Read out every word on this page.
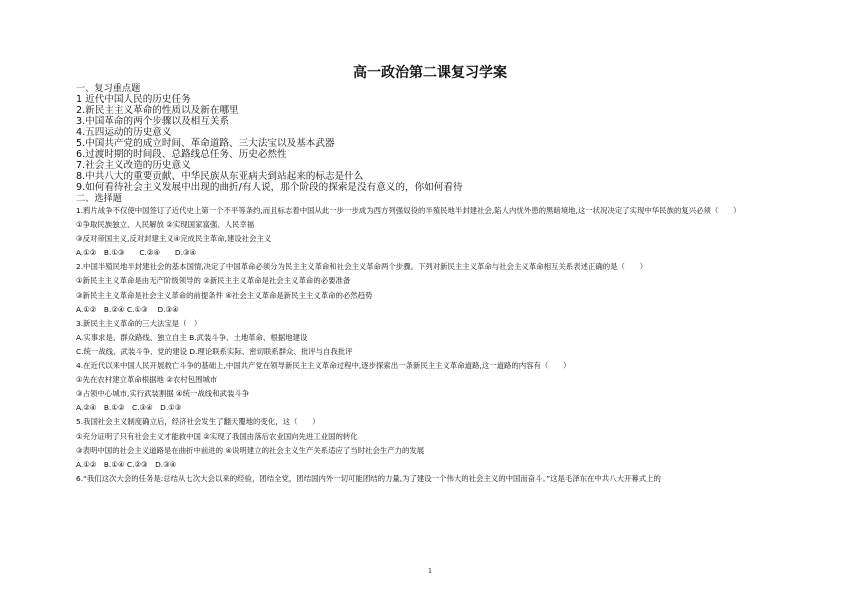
高一政治第二课复习学案
一、复习重点题
1 近代中国人民的历史任务
2.新民主主义革命的性质以及新在哪里
3.中国革命的两个步骤以及相互关系
4.五四运动的历史意义
5.中国共产党的成立时间、革命道路、三大法宝以及基本武器
6.过渡时期的时间段、总路线总任务、历史必然性
7.社会主义改造的历史意义
8.中共八大的重要贡献、中华民族从东亚病夫到站起来的标志是什么
9.如何看待社会主义发展中出现的曲折/有人说，那个阶段的探索是没有意义的，你如何看待
二、选择题
1.鸦片战争不仅使中国签订了近代史上第一个不平等条约,而且标志着中国从此一步一步成为西方列强奴役的半殖民地半封建社会,陷人内忧外患的黑暗境地,这一状况决定了实现中华民族的复兴必须（　　）
①争取民族独立、人民解放 ②实现国家富强、人民幸福
③反对帝国主义,反对封建主义④完成民主革命,建设社会主义
A.①②　B.①③　　C.②④　　D.③④
2.中国半殖民地半封建社会的基本国情,决定了中国革命必须分为民主主义革命和社会主义革命两个步骤。下列对新民主主义革命与社会主义革命相互关系表述正确的是（　　）
①新民主主义革命是由无产阶级领导的 ②新民主主义革命是社会主义革命的必要准备
③新民主主义革命是社会主义革命的前提条件 ④社会主义革命是新民主主义革命的必然趋势
A.①②　B.②④ C.①③　 D.③④
3.新民主主义革命的三大法宝是（　）
A.实事求是、群众路线、独立自主 B.武装斗争、土地革命、根据地建设
C.统一战线、武装斗争、党的建设 D.理论联系实际、密切联系群众、批评与自我批评
4.在近代以来中国人民开展救亡斗争的基础上,中国共产党在领导新民主主义革命过程中,逐步探索出一条新民主主义革命道路,这一道路的内容有（　　）
①先在农村建立革命根据地 ②农村包围城市
③占领中心城市,实行武装割据 ④统一战线和武装斗争
A.②④　B.①②　C.③④　D.①③
5.我国社会主义制度确立后，经济社会发生了翻天覆地的变化，这（　　）
①充分证明了只有社会主义才能救中国 ②实现了我国由落后农业国向先进工业国的转化
③表明中国的社会主义道路是在曲折中前进的 ④说明建立的社会主义生产关系适应了当时社会生产力的发展
A.①②　B.①④ C.②③　D.③④
6.“我们这次大会的任务是:总结从七次大会以来的经验，团结全党，团结国内外一切可能团结的力量,为了建设一个伟大的社会主义的中国而奋斗。”这是毛泽东在中共八大开幕式上的
1
